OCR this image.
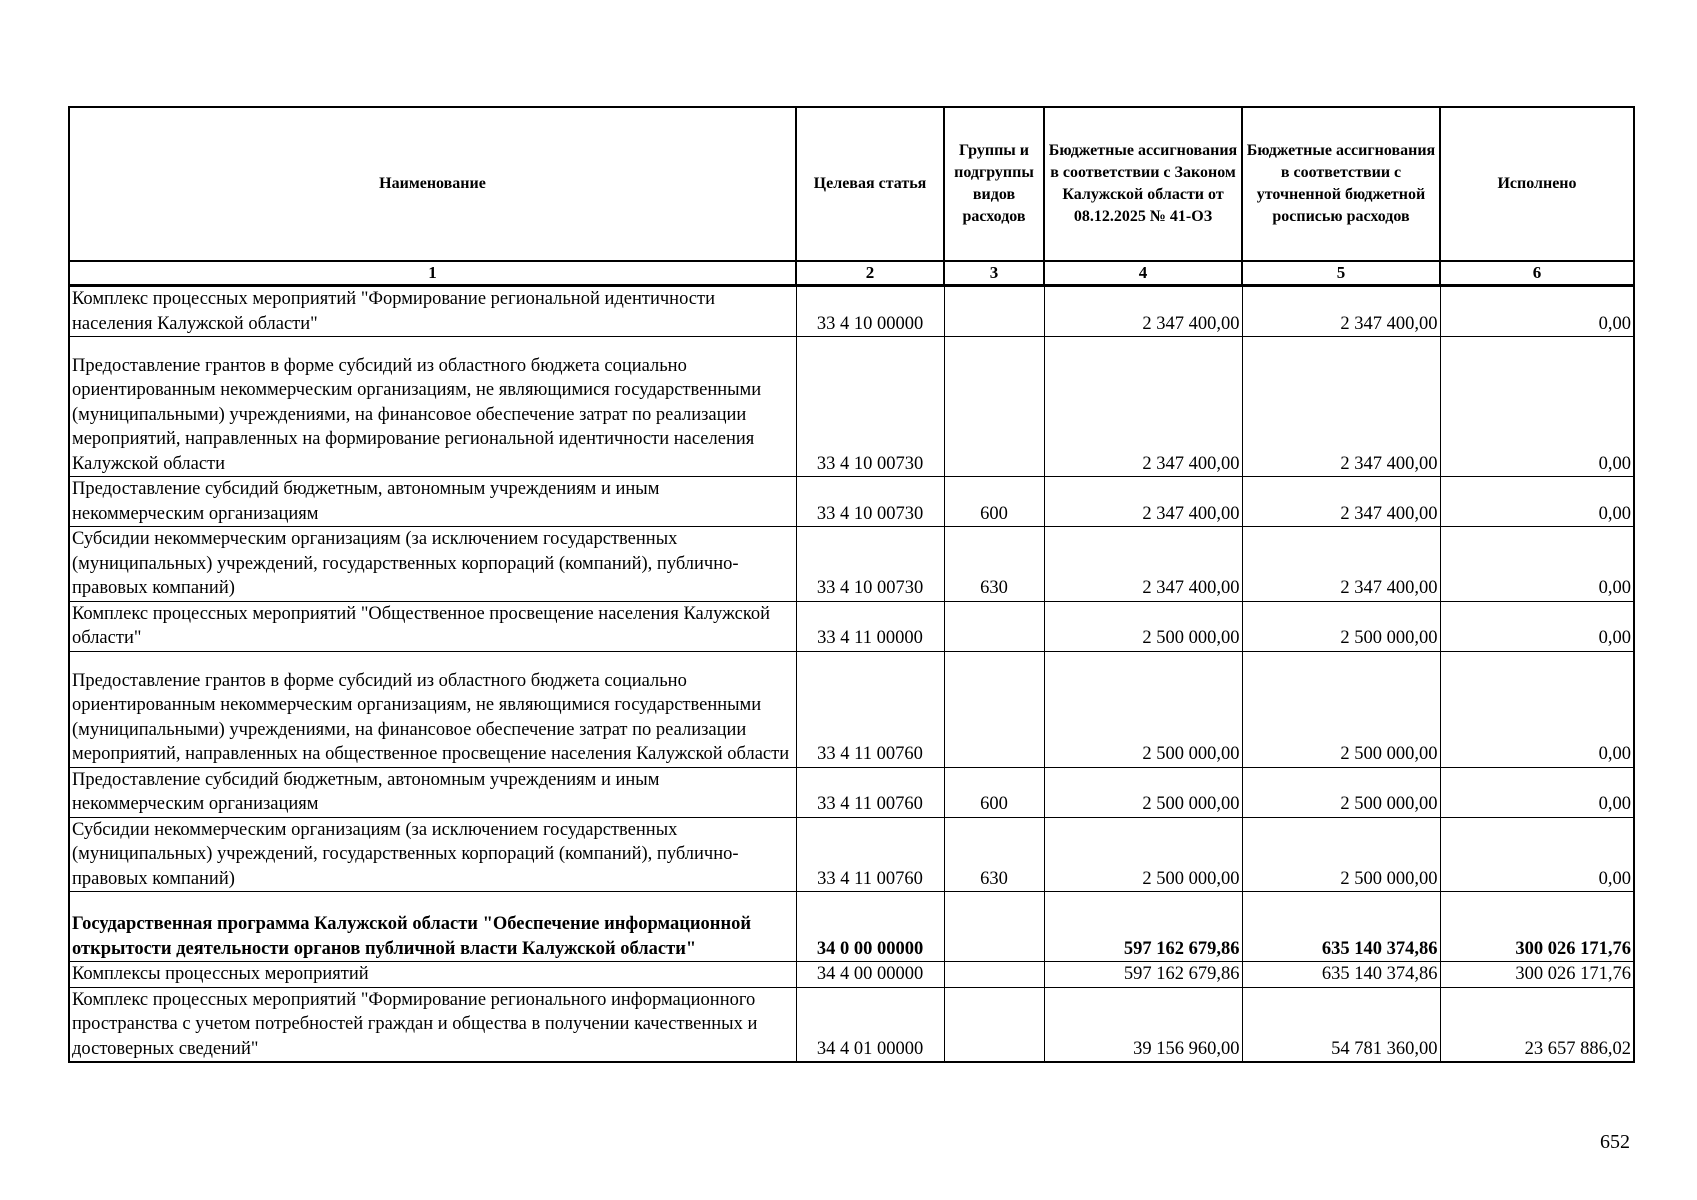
Наименование	Целевая статья	Группы и подгруппы видов расходов	Бюджетные ассигнования в соответствии с Законом Калужской области от 08.12.2025 № 41-ОЗ	Бюджетные ассигнования в соответствии с уточненной бюджетной росписью расходов	Исполнено
1	2	3	4	5	6
Комплекс процессных мероприятий "Формирование региональной идентичности населения Калужской области"	33 4 10 00000		2 347 400,00	2 347 400,00	0,00
Предоставление грантов в форме субсидий из областного бюджета социально ориентированным некоммерческим организациям, не являющимися государственными (муниципальными) учреждениями, на финансовое обеспечение затрат по реализации мероприятий, направленных на формирование региональной идентичности населения Калужской области	33 4 10 00730		2 347 400,00	2 347 400,00	0,00
Предоставление субсидий бюджетным, автономным учреждениям и иным некоммерческим организациям	33 4 10 00730	600	2 347 400,00	2 347 400,00	0,00
Субсидии некоммерческим организациям (за исключением государственных (муниципальных) учреждений, государственных корпораций (компаний), публично-правовых компаний)	33 4 10 00730	630	2 347 400,00	2 347 400,00	0,00
Комплекс процессных мероприятий "Общественное просвещение населения Калужской области"	33 4 11 00000		2 500 000,00	2 500 000,00	0,00
Предоставление грантов в форме субсидий из областного бюджета социально ориентированным некоммерческим организациям, не являющимися государственными (муниципальными) учреждениями, на финансовое обеспечение затрат по реализации мероприятий, направленных на общественное просвещение населения Калужской области	33 4 11 00760		2 500 000,00	2 500 000,00	0,00
Предоставление субсидий бюджетным, автономным учреждениям и иным некоммерческим организациям	33 4 11 00760	600	2 500 000,00	2 500 000,00	0,00
Субсидии некоммерческим организациям (за исключением государственных (муниципальных) учреждений, государственных корпораций (компаний), публично-правовых компаний)	33 4 11 00760	630	2 500 000,00	2 500 000,00	0,00
Государственная программа Калужской области "Обеспечение информационной открытости деятельности органов публичной власти Калужской области"	34 0 00 00000		597 162 679,86	635 140 374,86	300 026 171,76
Комплексы процессных мероприятий	34 4 00 00000		597 162 679,86	635 140 374,86	300 026 171,76
Комплекс процессных мероприятий "Формирование регионального информационного пространства с учетом потребностей граждан и общества в получении качественных и достоверных сведений"	34 4 01 00000		39 156 960,00	54 781 360,00	23 657 886,02
652
